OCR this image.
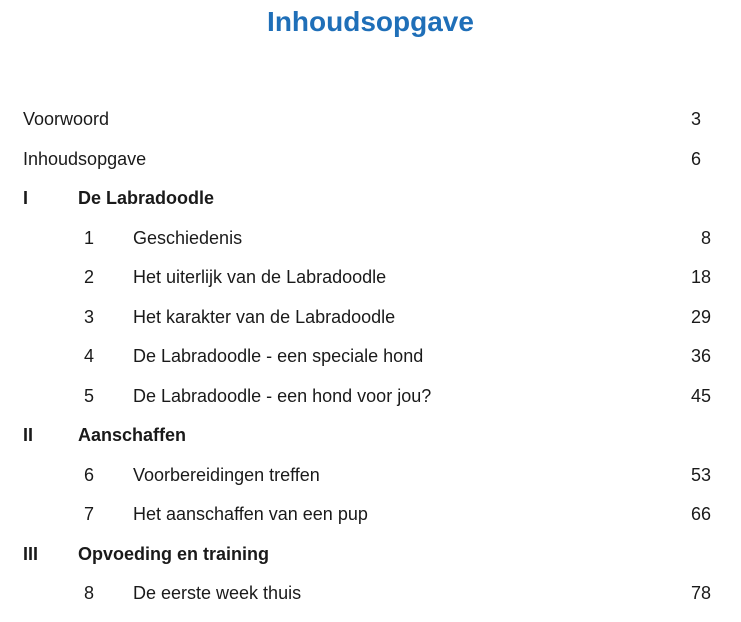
Inhoudsopgave
Voorwoord	3
Inhoudsopgave	6
I	De Labradoodle
1 Geschiedenis	8
2 Het uiterlijk van de Labradoodle	18
3 Het karakter van de Labradoodle	29
4 De Labradoodle - een speciale hond	36
5 De Labradoodle - een hond voor jou?	45
II Aanschaffen
6 Voorbereidingen treffen	53
7 Het aanschaffen van een pup	66
III Opvoeding en training
8 De eerste week thuis	78
